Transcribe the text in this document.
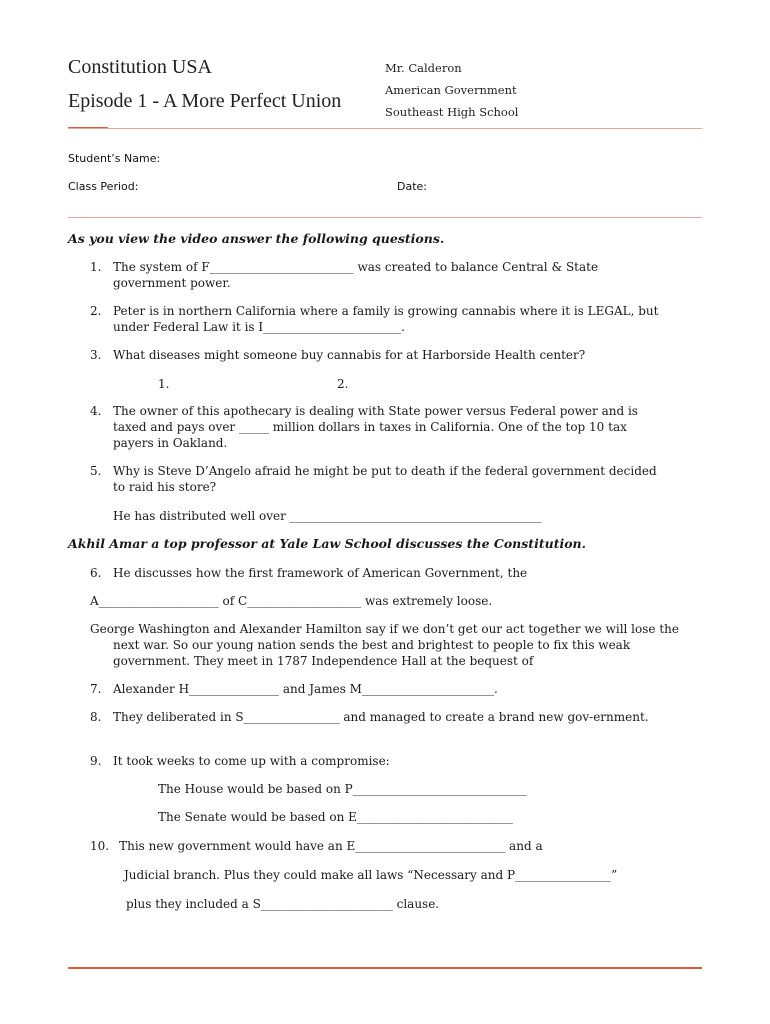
Constitution USA
Episode 1 - A More Perfect Union
Mr. Calderon
American Government
Southeast High School
Student’s Name:
Class Period:	Date:
As you view the video answer the following questions.
1. The system of F________________________ was created to balance Central & State government power.
2. Peter is in northern California where a family is growing cannabis where it is LEGAL, but under Federal Law it is I_______________________.
3. What diseases might someone buy cannabis for at Harborside Health center?
1.	2.
4. The owner of this apothecary is dealing with State power versus Federal power and is taxed and pays over _____ million dollars in taxes in California. One of the top 10 tax payers in Oakland.
5. Why is Steve D’Angelo afraid he might be put to death if the federal government decided to raid his store?
He has distributed well over __________________________________________
Akhil Amar a top professor at Yale Law School discusses the Constitution.
6. He discusses how the first framework of American Government, the
A____________________ of C___________________ was extremely loose.
George Washington and Alexander Hamilton say if we don’t get our act together we will lose the next war. So our young nation sends the best and brightest to people to fix this weak government. They meet in 1787 Independence Hall at the bequest of
7. Alexander H_______________ and James M______________________.
8. They deliberated in S________________ and managed to create a brand new gov-ernment.
9. It took weeks to come up with a compromise:
The House would be based on P_____________________________
The Senate would be based on E__________________________
10. This new government would have an E_________________________ and a
Judicial branch. Plus they could make all laws “Necessary and P________________”
plus they included a S______________________ clause.
